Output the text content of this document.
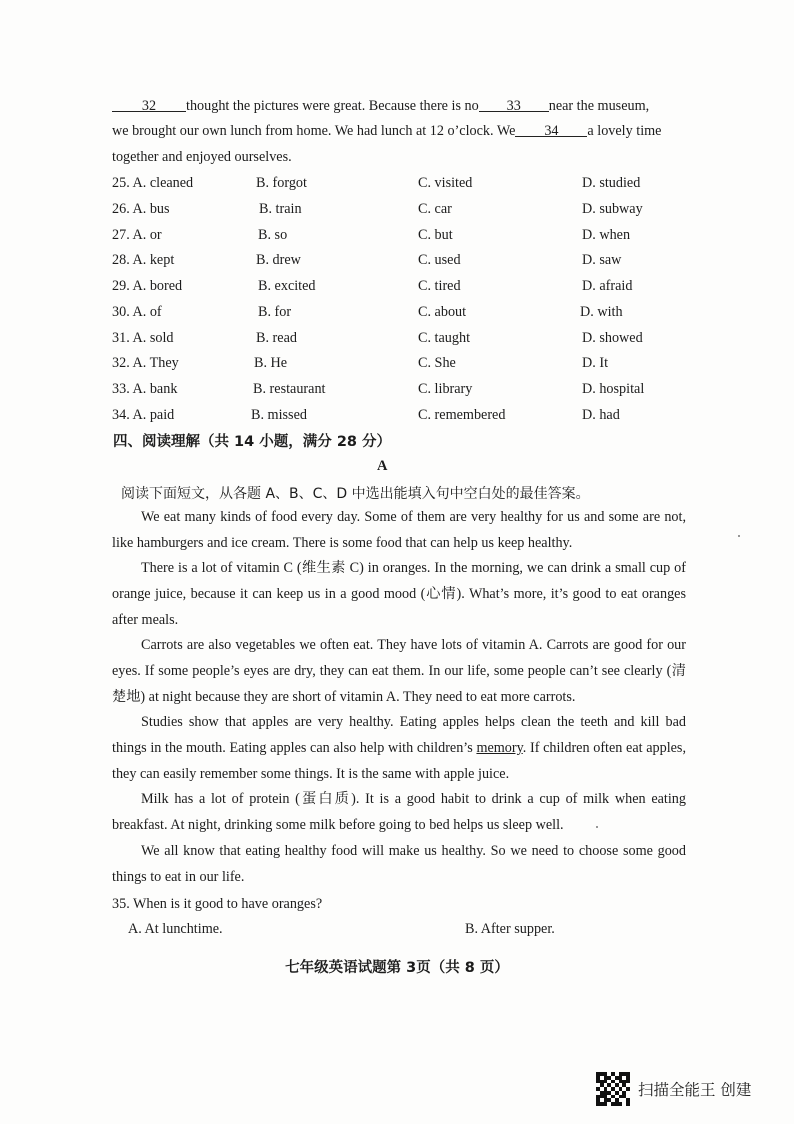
32 thought the pictures were great. Because there is no 33 near the museum,
we brought our own lunch from home. We had lunch at 12 o’clock. We 34 a lovely time
together and enjoyed ourselves.
25. A. cleaned	B. forgot	C. visited	D. studied
26. A. bus	B. train	C. car	D. subway
27. A. or	B. so	C. but	D. when
28. A. kept	B. drew	C. used	D. saw
29. A. bored	B. excited	C. tired	D. afraid
30. A. of	B. for	C. about	D. with
31. A. sold	B. read	C. taught	D. showed
32. A. They	B. He	C. She	D. It
33. A. bank	B. restaurant	C. library	D. hospital
34. A. paid	B. missed	C. remembered	D. had
四、阅读理解（共 14 小题，满分 28 分）
A
阅读下面短文，从各题 A、B、C、D 中选出能填入句中空白处的最佳答案。
We eat many kinds of food every day. Some of them are very healthy for us and some are not, like hamburgers and ice cream. There is some food that can help us keep healthy.
There is a lot of vitamin C (维生素 C) in oranges. In the morning, we can drink a small cup of orange juice, because it can keep us in a good mood (心情). What’s more, it’s good to eat oranges after meals.
Carrots are also vegetables we often eat. They have lots of vitamin A. Carrots are good for our eyes. If some people’s eyes are dry, they can eat them. In our life, some people can’t see clearly (清楚地) at night because they are short of vitamin A. They need to eat more carrots.
Studies show that apples are very healthy. Eating apples helps clean the teeth and kill bad things in the mouth. Eating apples can also help with children’s memory. If children often eat apples, they can easily remember some things. It is the same with apple juice.
Milk has a lot of protein (蛋白质). It is a good habit to drink a cup of milk when eating breakfast. At night, drinking some milk before going to bed helps us sleep well.
We all know that eating healthy food will make us healthy. So we need to choose some good things to eat in our life.
35. When is it good to have oranges?
A. At lunchtime.	B. After supper.
七年级英语试题第 3页（共 8 页）
扫描全能王 创建
